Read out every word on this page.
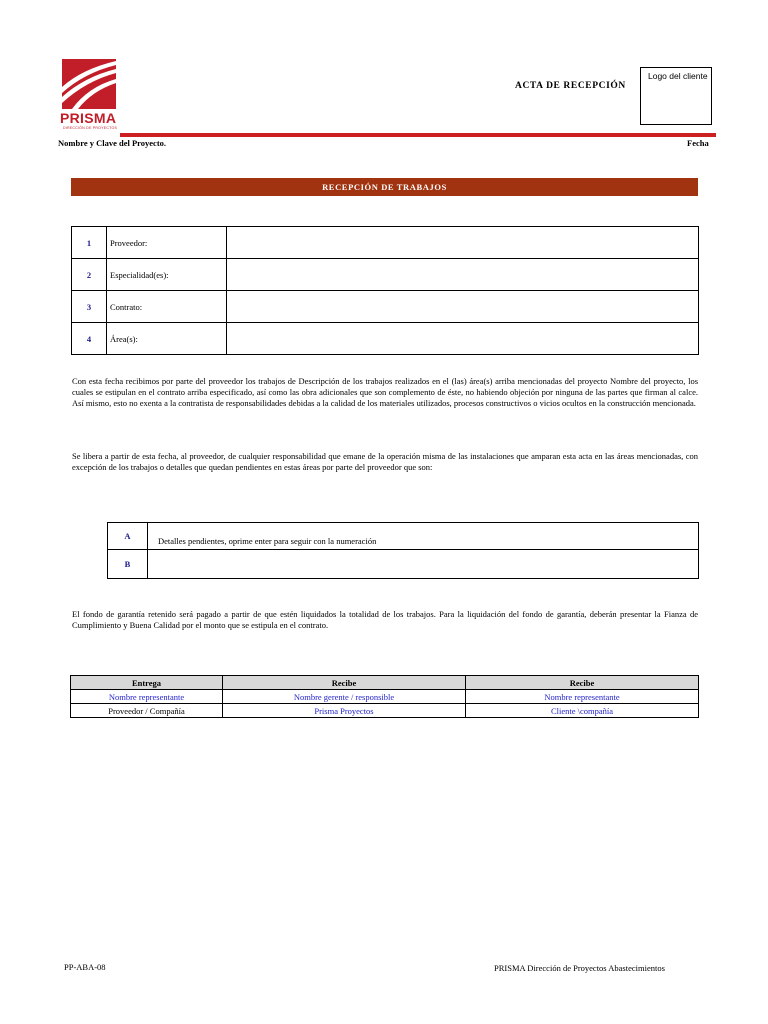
PRISMA
DIRECCIÓN DE PROYECTOS
ACTA DE RECEPCIÓN
Logo del cliente
Nombre y Clave del Proyecto.	Fecha
RECEPCIÓN DE TRABAJOS
1	Proveedor:	
2	Especialidad(es):	
3	Contrato:	
4	Área(s):	
Con esta fecha recibimos por parte del proveedor los trabajos de Descripción de los trabajos realizados en el (las) área(s) arriba mencionadas del proyecto Nombre del proyecto, los cuales se estipulan en el contrato arriba especificado, así como las obra adicionales que son complemento de éste, no habiendo objeción por ninguna de las partes que firman al calce. Así mismo, esto no exenta a la contratista de responsabilidades debidas a la calidad de los materiales utilizados, procesos constructivos o vicios ocultos en la construcción mencionada.
Se libera a partir de esta fecha, al proveedor, de cualquier responsabilidad que emane de la operación misma de las instalaciones que amparan esta acta en las áreas mencionadas, con excepción de los trabajos o detalles que quedan pendientes en estas áreas por parte del proveedor que son:
A	Detalles pendientes, oprime enter para seguir con la numeración
B	
El fondo de garantía retenido será pagado a partir de que estén liquidados la totalidad de los trabajos. Para la liquidación del fondo de garantía, deberán presentar la Fianza de Cumplimiento y Buena Calidad por el monto que se estipula en el contrato.
Entrega	Recibe	Recibe
Nombre representante	Nombre gerente / responsible	Nombre representante
Proveedor / Compañía	Prisma Proyectos	Cliente \compañía
PP-ABA-08	PRISMA Dirección de Proyectos Abastecimientos
